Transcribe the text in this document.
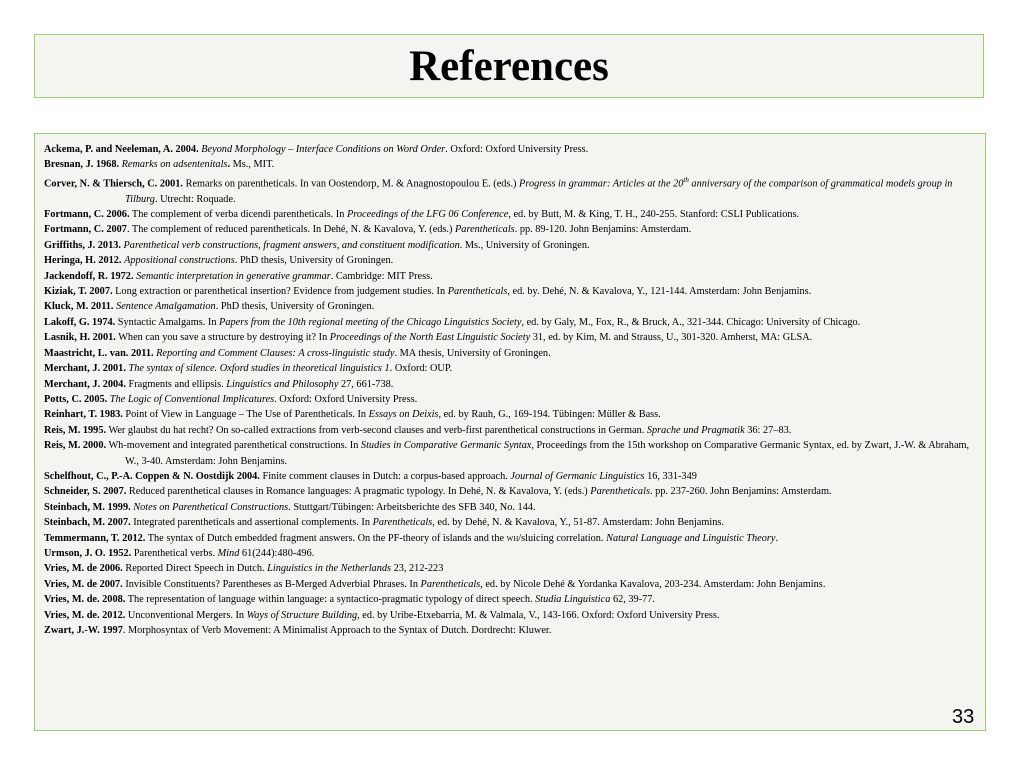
References

Ackema, P. and Neeleman, A. 2004. Beyond Morphology – Interface Conditions on Word Order. Oxford: Oxford University Press.

Bresnan, J. 1968. Remarks on adsentenitals. Ms., MIT.

Corver, N. & Thiersch, C. 2001. Remarks on parentheticals. In van Oostendorp, M. & Anagnostopoulou E. (eds.) Progress in grammar: Articles at the 20th anniversary of the comparison of grammatical models group in Tilburg. Utrecht: Roquade.

Fortmann, C. 2006. The complement of verba dicendi parentheticals. In Proceedings of the LFG 06 Conference, ed. by Butt, M. & King, T. H., 240-255. Stanford: CSLI Publications.

Fortmann, C. 2007. The complement of reduced parentheticals. In Dehé, N. & Kavalova, Y. (eds.) Parentheticals. pp. 89-120. John Benjamins: Amsterdam.

Griffiths, J. 2013. Parenthetical verb constructions, fragment answers, and constituent modification. Ms., University of Groningen.

Heringa, H. 2012. Appositional constructions. PhD thesis, University of Groningen.

Jackendoff, R. 1972. Semantic interpretation in generative grammar. Cambridge: MIT Press.

Kiziak, T. 2007. Long extraction or parenthetical insertion? Evidence from judgement studies. In Parentheticals, ed. by. Dehé, N. & Kavalova, Y., 121-144. Amsterdam: John Benjamins.

Kluck, M. 2011. Sentence Amalgamation. PhD thesis, University of Groningen.

Lakoff, G. 1974. Syntactic Amalgams. In Papers from the 10th regional meeting of the Chicago Linguistics Society, ed. by Galy, M., Fox, R., & Bruck, A., 321-344. Chicago: University of Chicago.

Lasnik, H. 2001. When can you save a structure by destroying it? In Proceedings of the North East Linguistic Society 31, ed. by Kim, M. and Strauss, U., 301-320. Amherst, MA: GLSA.

Maastricht, L. van. 2011. Reporting and Comment Clauses: A cross-linguistic study. MA thesis, University of Groningen.

Merchant, J. 2001. The syntax of silence. Oxford studies in theoretical linguistics 1. Oxford: OUP.

Merchant, J. 2004. Fragments and ellipsis. Linguistics and Philosophy 27, 661-738.

Potts, C. 2005. The Logic of Conventional Implicatures. Oxford: Oxford University Press.

Reinhart, T. 1983. Point of View in Language – The Use of Parentheticals. In Essays on Deixis, ed. by Rauh, G., 169-194. Tübingen: Müller & Bass.

Reis, M. 1995. Wer glaubst du hat recht? On so-called extractions from verb-second clauses and verb-first parenthetical constructions in German. Sprache und Pragmatik 36: 27–83.

Reis, M. 2000. Wh-movement and integrated parenthetical constructions. In Studies in Comparative Germanic Syntax, Proceedings from the 15th workshop on Comparative Germanic Syntax, ed. by Zwart, J.-W. & Abraham, W., 3-40. Amsterdam: John Benjamins.

Schelfhout, C., P.-A. Coppen & N. Oostdijk 2004. Finite comment clauses in Dutch: a corpus-based approach. Journal of Germanic Linguistics 16, 331-349

Schneider, S. 2007. Reduced parenthetical clauses in Romance languages: A pragmatic typology. In Dehé, N. & Kavalova, Y. (eds.) Parentheticals. pp. 237-260. John Benjamins: Amsterdam.

Steinbach, M. 1999. Notes on Parenthetical Constructions. Stuttgart/Tübingen: Arbeitsberichte des SFB 340, No. 144.

Steinbach, M. 2007. Integrated parentheticals and assertional complements. In Parentheticals, ed. by Dehé, N. & Kavalova, Y., 51-87. Amsterdam: John Benjamins.

Temmermann, T. 2012. The syntax of Dutch embedded fragment answers. On the PF-theory of islands and the wh/sluicing correlation. Natural Language and Linguistic Theory.

Urmson, J. O. 1952. Parenthetical verbs. Mind 61(244):480-496.

Vries, M. de 2006. Reported Direct Speech in Dutch. Linguistics in the Netherlands 23, 212-223

Vries, M. de 2007. Invisible Constituents? Parentheses as B-Merged Adverbial Phrases. In Parentheticals, ed. by Nicole Dehé & Yordanka Kavalova, 203-234. Amsterdam: John Benjamins.

Vries, M. de. 2008. The representation of language within language: a syntactico-pragmatic typology of direct speech. Studia Linguistica 62, 39-77.

Vries, M. de. 2012. Unconventional Mergers. In Ways of Structure Building, ed. by Uribe-Etxebarria, M. & Valmala, V., 143-166. Oxford: Oxford University Press.

Zwart, J.-W. 1997. Morphosyntax of Verb Movement: A Minimalist Approach to the Syntax of Dutch. Dordrecht: Kluwer.

33
